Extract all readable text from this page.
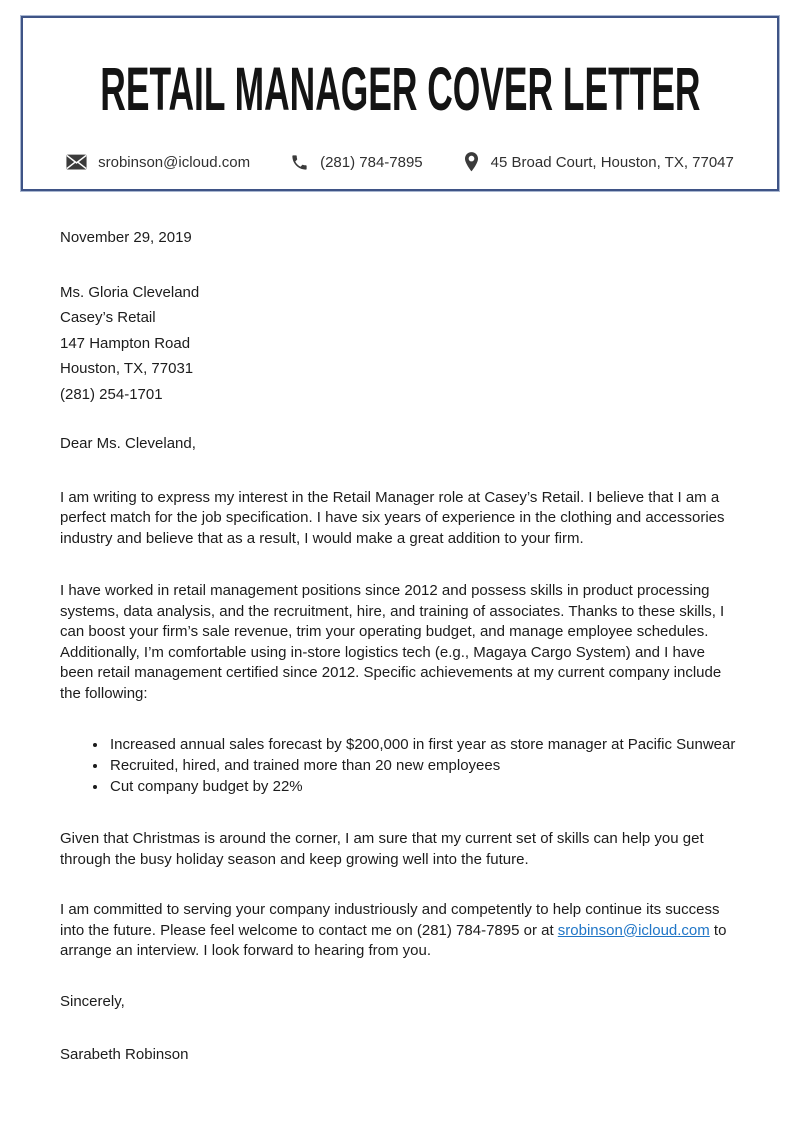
RETAIL MANAGER COVER LETTER
srobinson@icloud.com	(281) 784-7895	45 Broad Court, Houston, TX, 77047
November 29, 2019
Ms. Gloria Cleveland
Casey’s Retail
147 Hampton Road
Houston, TX, 77031
(281) 254-1701
Dear Ms. Cleveland,

I am writing to express my interest in the Retail Manager role at Casey’s Retail. I believe that I am a perfect match for the job specification. I have six years of experience in the clothing and accessories industry and believe that as a result, I would make a great addition to your firm.

I have worked in retail management positions since 2012 and possess skills in product processing systems, data analysis, and the recruitment, hire, and training of associates. Thanks to these skills, I can boost your firm’s sale revenue, trim your operating budget, and manage employee schedules. Additionally, I’m comfortable using in-store logistics tech (e.g., Magaya Cargo System) and I have been retail management certified since 2012. Specific achievements at my current company include the following:

• Increased annual sales forecast by $200,000 in first year as store manager at Pacific Sunwear
• Recruited, hired, and trained more than 20 new employees
• Cut company budget by 22%

Given that Christmas is around the corner, I am sure that my current set of skills can help you get through the busy holiday season and keep growing well into the future.

I am committed to serving your company industriously and competently to help continue its success into the future. Please feel welcome to contact me on (281) 784-7895 or at srobinson@icloud.com to arrange an interview. I look forward to hearing from you.

Sincerely,
Sarabeth Robinson
